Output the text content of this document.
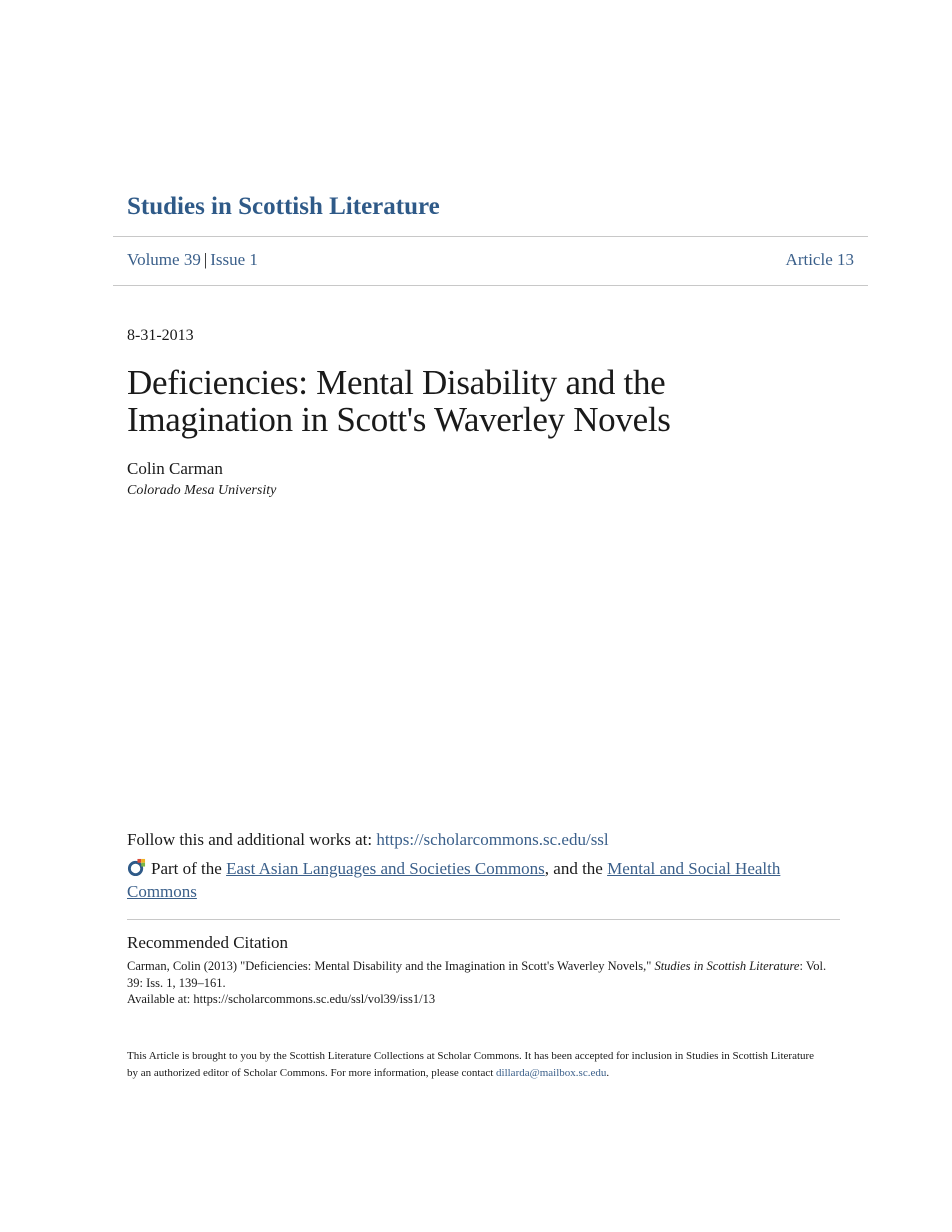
Studies in Scottish Literature
Volume 39 | Issue 1	Article 13
8-31-2013
Deficiencies: Mental Disability and the
Imagination in Scott's Waverley Novels
Colin Carman
Colorado Mesa University
Follow this and additional works at: https://scholarcommons.sc.edu/ssl
Part of the East Asian Languages and Societies Commons, and the Mental and Social Health Commons
Recommended Citation
Carman, Colin (2013) "Deficiencies: Mental Disability and the Imagination in Scott's Waverley Novels," Studies in Scottish Literature: Vol. 39: Iss. 1, 139–161.
Available at: https://scholarcommons.sc.edu/ssl/vol39/iss1/13
This Article is brought to you by the Scottish Literature Collections at Scholar Commons. It has been accepted for inclusion in Studies in Scottish Literature by an authorized editor of Scholar Commons. For more information, please contact dillarda@mailbox.sc.edu.
